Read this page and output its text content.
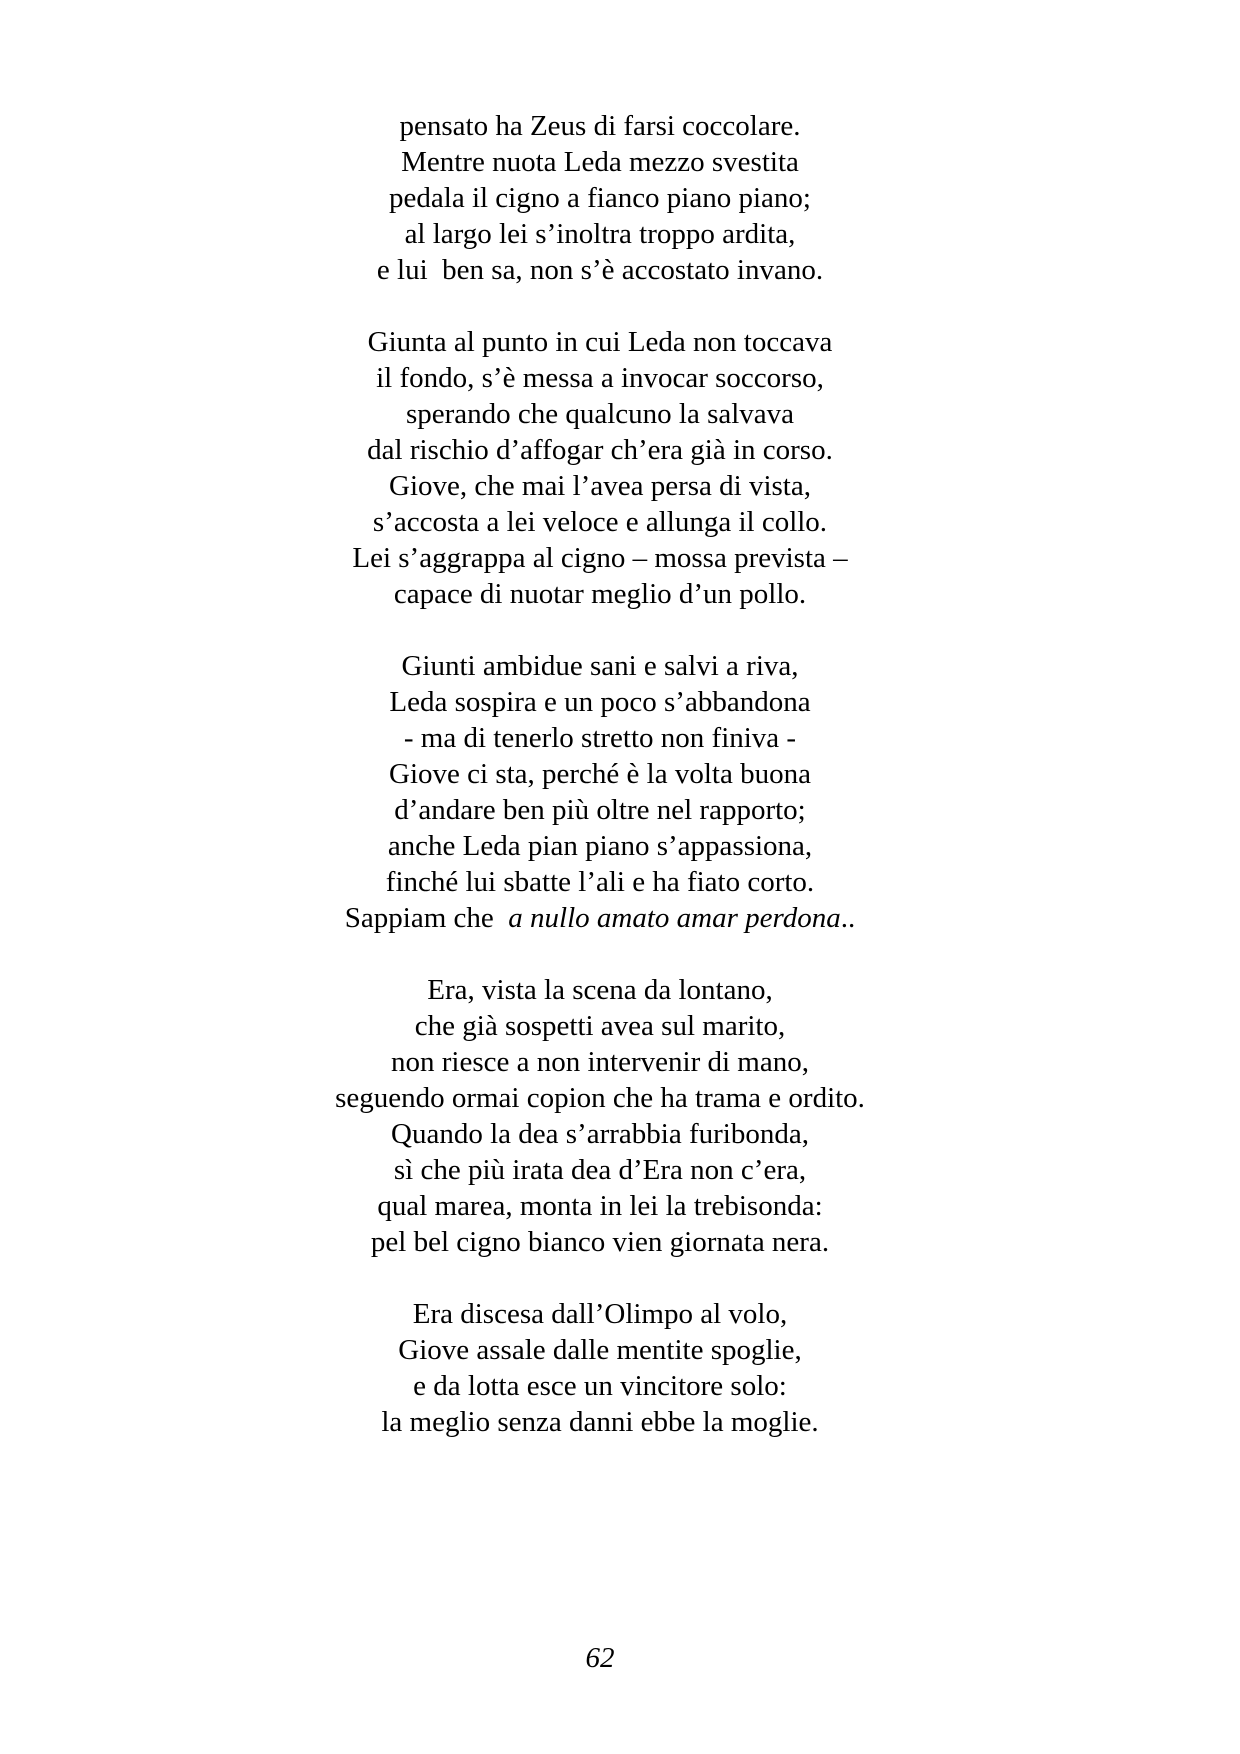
pensato ha Zeus di farsi coccolare.
Mentre nuota Leda mezzo svestita
pedala il cigno a fianco piano piano;
al largo lei s’inoltra troppo ardita,
e lui  ben sa, non s’è accostato invano.
Giunta al punto in cui Leda non toccava
il fondo, s’è messa a invocar soccorso,
sperando che qualcuno la salvava
dal rischio d’affogar ch’era già in corso.
Giove, che mai l’avea persa di vista,
s’accosta a lei veloce e allunga il collo.
Lei s’aggrappa al cigno – mossa prevista –
capace di nuotar meglio d’un pollo.
Giunti ambidue sani e salvi a riva,
Leda sospira e un poco s’abbandona
- ma di tenerlo stretto non finiva -
Giove ci sta, perché è la volta buona
d’andare ben più oltre nel rapporto;
anche Leda pian piano s’appassiona,
finché lui sbatte l’ali e ha fiato corto.
Sappiam che  a nullo amato amar perdona..
Era, vista la scena da lontano,
che già sospetti avea sul marito,
non riesce a non intervenir di mano,
seguendo ormai copion che ha trama e ordito.
Quando la dea s’arrabbia furibonda,
sì che più irata dea d’Era non c’era,
qual marea, monta in lei la trebisonda:
pel bel cigno bianco vien giornata nera.
Era discesa dall’Olimpo al volo,
Giove assale dalle mentite spoglie,
e da lotta esce un vincitore solo:
la meglio senza danni ebbe la moglie.
62
